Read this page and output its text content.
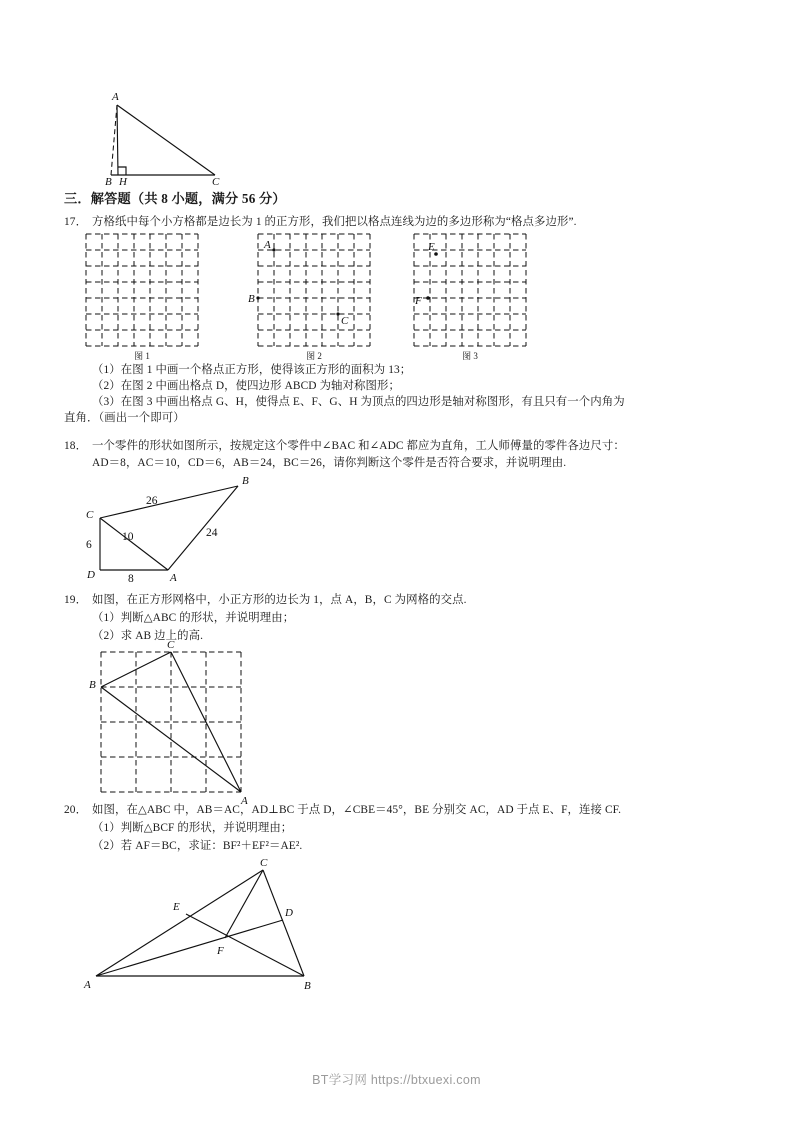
A
B H	C
三．解答题（共 8 小题，满分 56 分）
17． 方格纸中每个小方格都是边长为 1 的正方形，我们把以格点连线为边的多边形称为“格点多边形”.
图 1
A
B
C
图 2
E
F
图 3
（1）在图 1 中画一个格点正方形，使得该正方形的面积为 13；
（2）在图 2 中画出格点 D，使四边形 ABCD 为轴对称图形；
（3）在图 3 中画出格点 G、H，使得点 E、F、G、H 为顶点的四边形是轴对称图形，有且只有一个内角为
直角．（画出一个即可）
18． 一个零件的形状如图所示，按规定这个零件中∠BAC 和∠ADC 都应为直角，工人师傅量的零件各边尺寸：
AD＝8，AC＝10，CD＝6，AB＝24，BC＝26，请你判断这个零件是否符合要求，并说明理由.
D	A
C
B
26
10	24
6
8
19． 如图，在正方形网格中，小正方形的边长为 1，点 A，B，C 为网格的交点.
（1）判断△ABC 的形状，并说明理由；
（2）求 AB 边上的高.
C
B
A
20． 如图，在△ABC 中，AB＝AC，AD⊥BC 于点 D，∠CBE＝45°，BE 分别交 AC，AD 于点 E、F，连接 CF.
（1）判断△BCF 的形状，并说明理由；
（2）若 AF＝BC，求证：BF²＋EF²＝AE².
A	B
C
D
E
F
BT学习网 https://btxuexi.com
